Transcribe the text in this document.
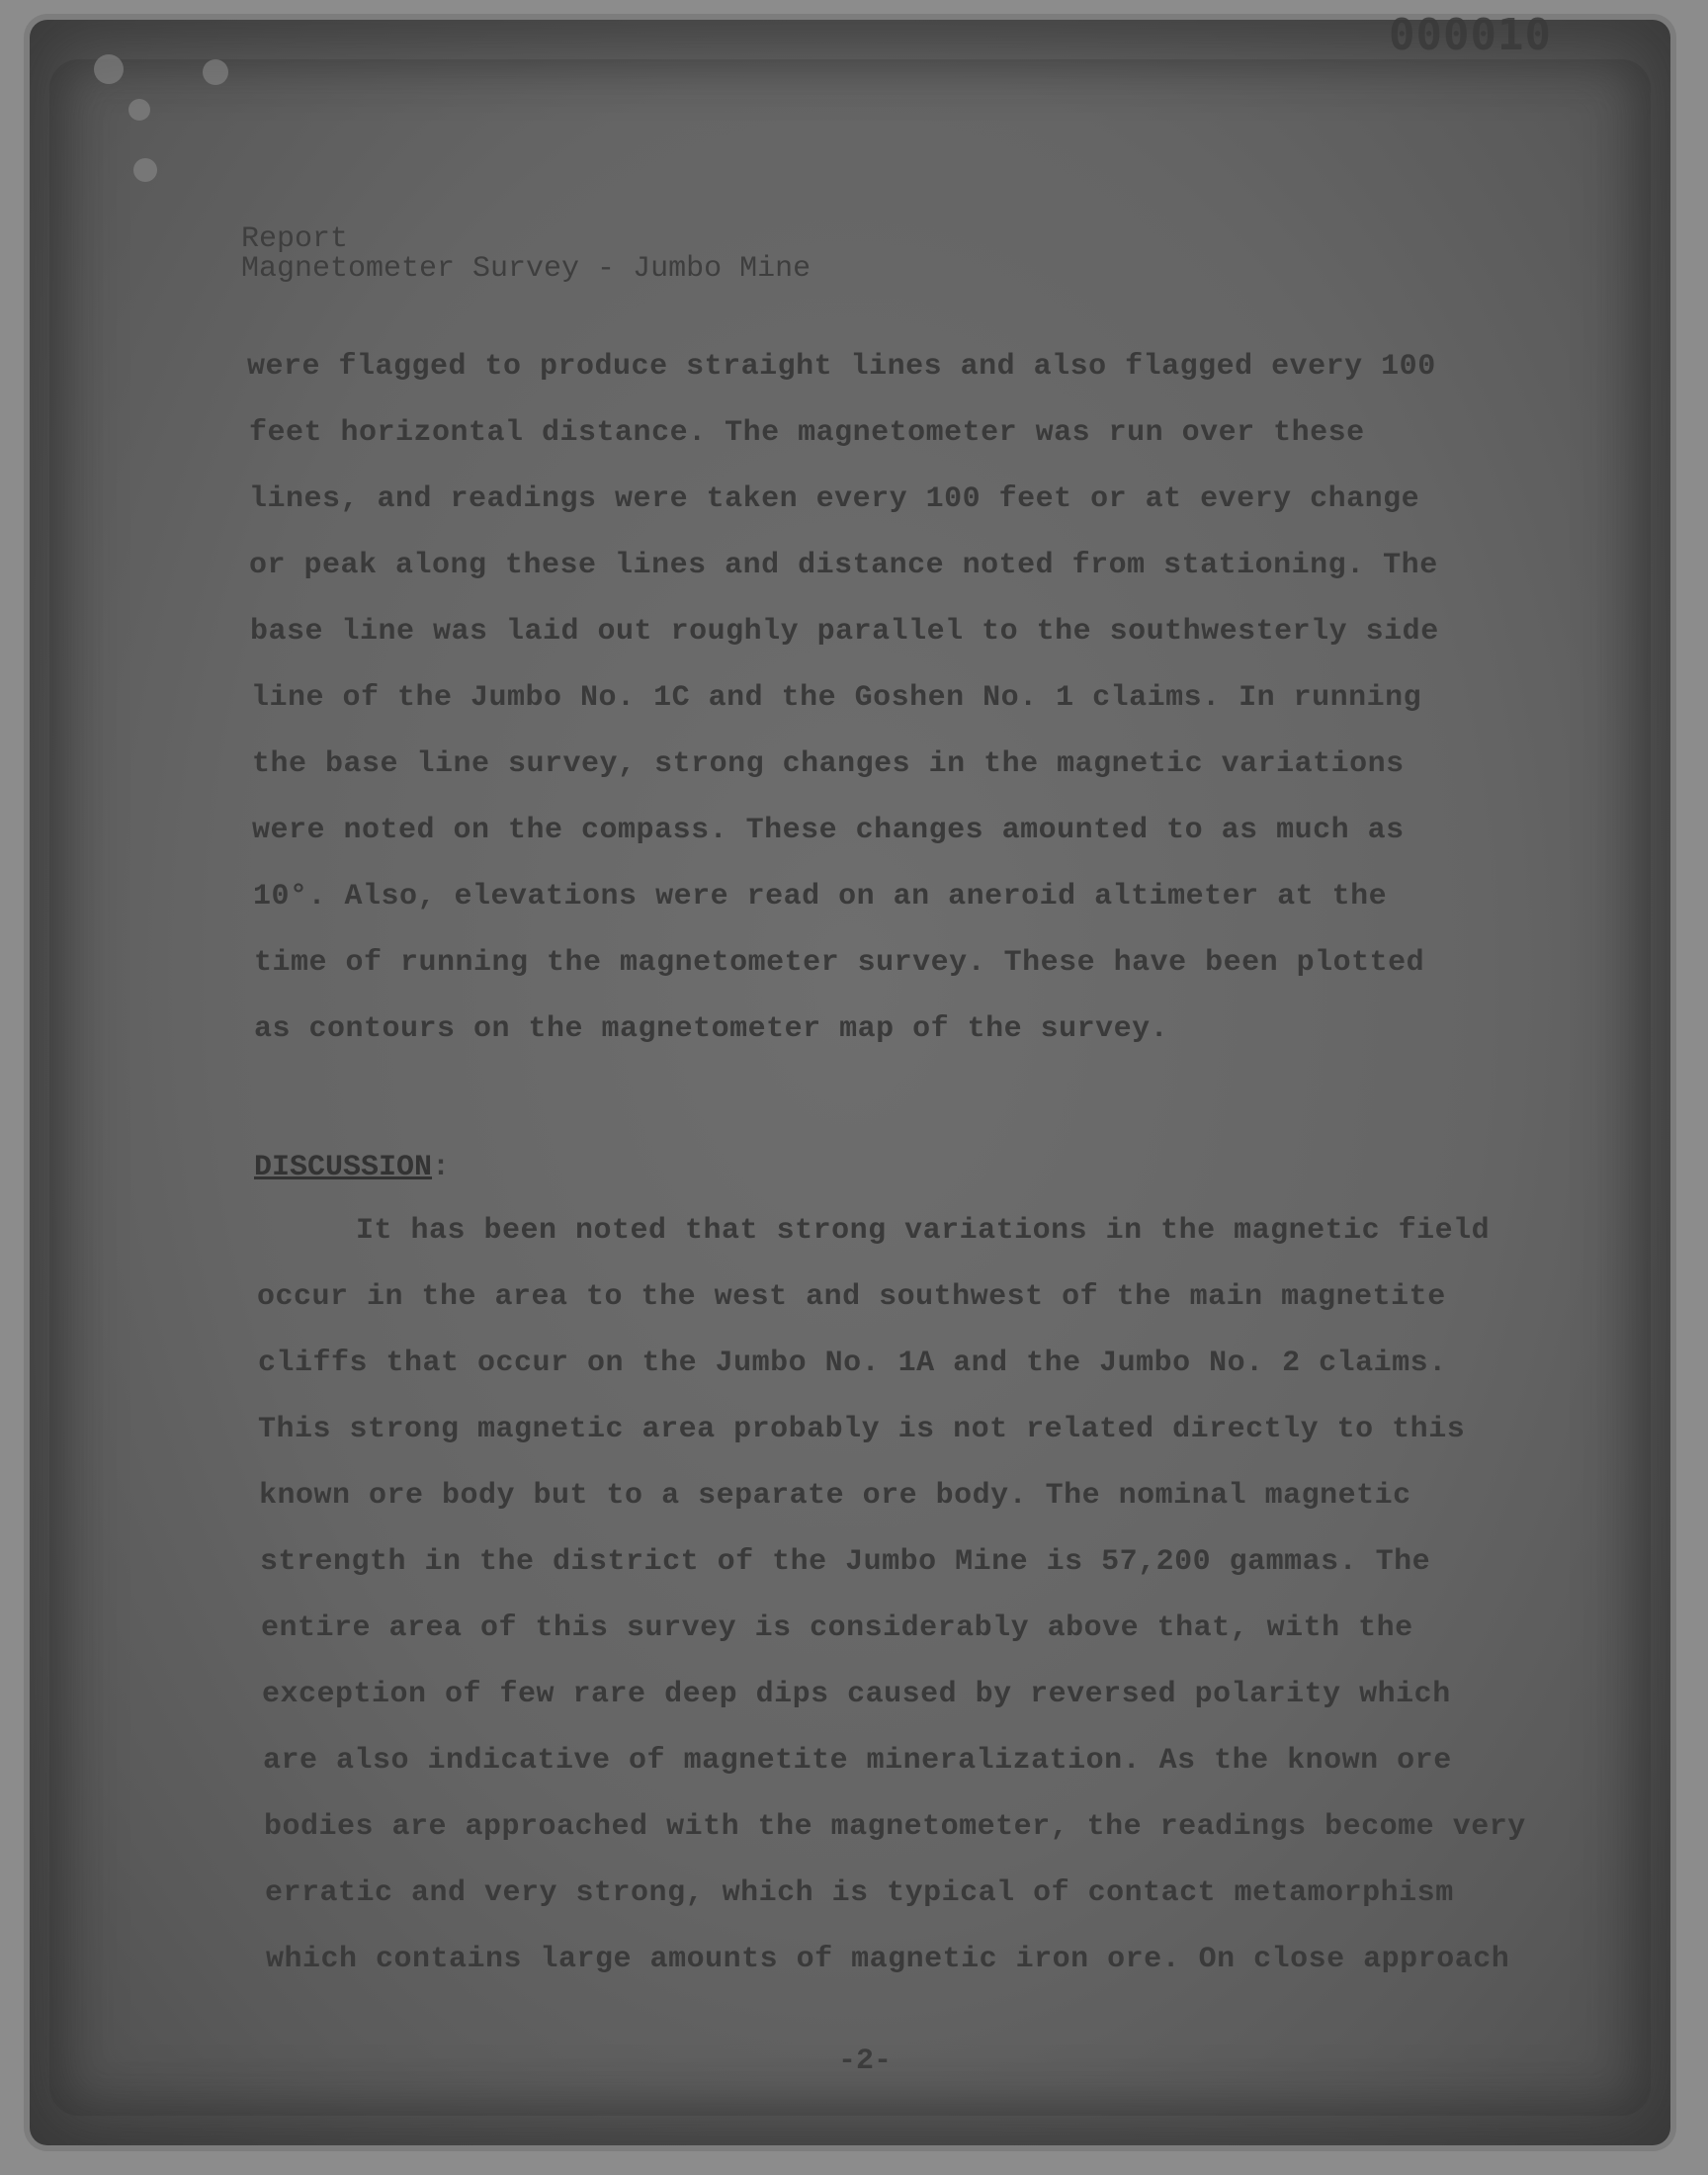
000010
Report
Magnetometer Survey - Jumbo Mine
were flagged to produce straight lines and also flagged every 100
feet horizontal distance. The magnetometer was run over these
lines, and readings were taken every 100 feet or at every change
or peak along these lines and distance noted from stationing. The
base line was laid out roughly parallel to the southwesterly side
line of the Jumbo No. 1C and the Goshen No. 1 claims. In running
the base line survey, strong changes in the magnetic variations
were noted on the compass. These changes amounted to as much as
10°. Also, elevations were read on an aneroid altimeter at the
time of running the magnetometer survey. These have been plotted
as contours on the magnetometer map of the survey.
DISCUSSION:
It has been noted that strong variations in the magnetic field
occur in the area to the west and southwest of the main magnetite
cliffs that occur on the Jumbo No. 1A and the Jumbo No. 2 claims.
This strong magnetic area probably is not related directly to this
known ore body but to a separate ore body. The nominal magnetic
strength in the district of the Jumbo Mine is 57,200 gammas. The
entire area of this survey is considerably above that, with the
exception of few rare deep dips caused by reversed polarity which
are also indicative of magnetite mineralization. As the known ore
bodies are approached with the magnetometer, the readings become very
erratic and very strong, which is typical of contact metamorphism
which contains large amounts of magnetic iron ore. On close approach
-2-
